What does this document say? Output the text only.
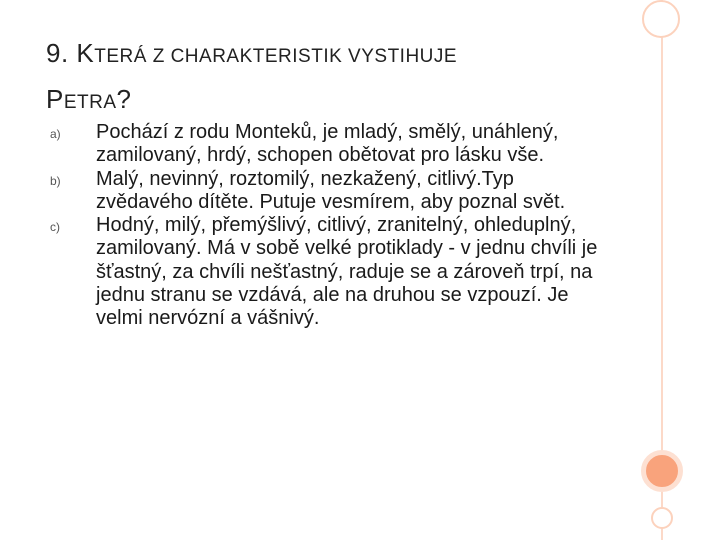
9. KTERÁ Z CHARAKTERISTIK VYSTIHUJE
PETRA?
a)	Pochází z rodu Monteků, je mladý, smělý, unáhlený, zamilovaný, hrdý, schopen obětovat pro lásku vše.
b)	Malý, nevinný, roztomilý, nezkažený, citlivý.Typ zvědavého dítěte. Putuje vesmírem, aby poznal svět.
c)	Hodný, milý, přemýšlivý, citlivý, zranitelný, ohleduplný, zamilovaný. Má v sobě velké protiklady - v jednu chvíli je šťastný, za chvíli nešťastný, raduje se a zároveň trpí, na jednu stranu se vzdává, ale na druhou se vzpouzí. Je velmi nervózní a vášnivý.
